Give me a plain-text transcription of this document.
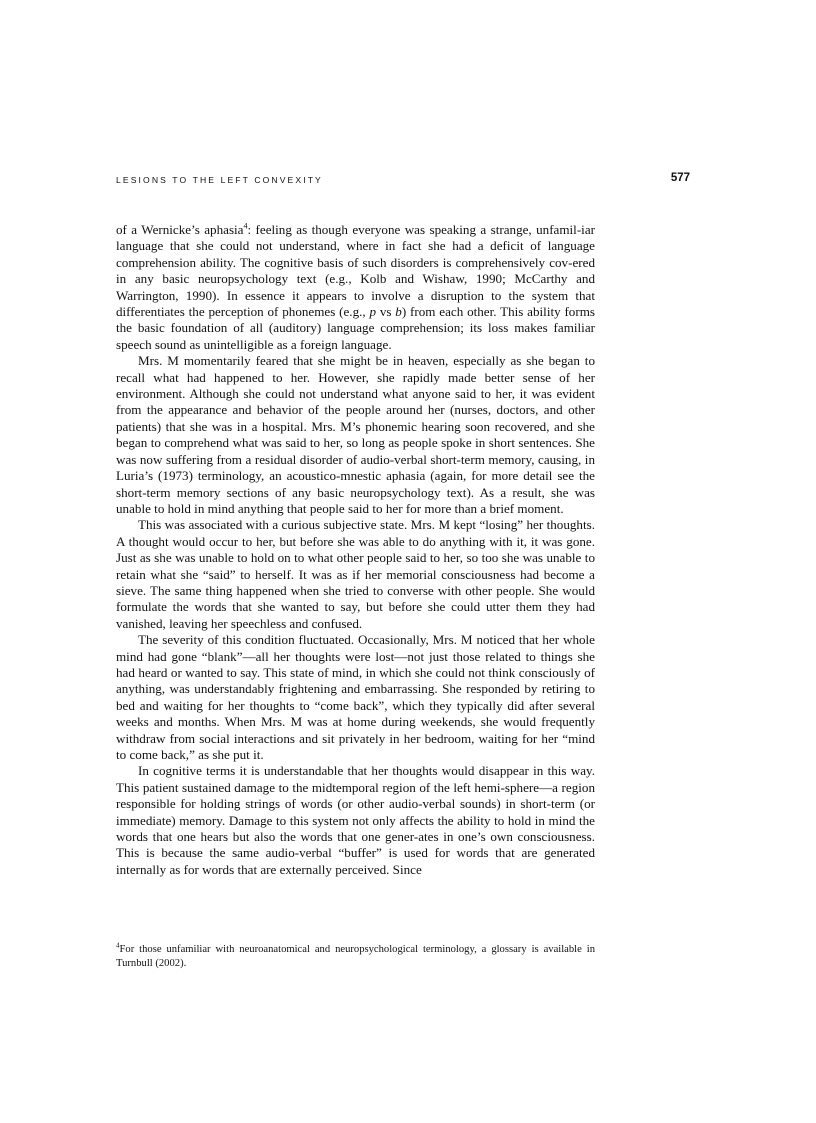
LESIONS TO THE LEFT CONVEXITY	577

of a Wernicke’s aphasia$^4$: feeling as though everyone was speaking a strange, unfamil-iar language that she could not understand, where in fact she had a deficit of language comprehension ability. The cognitive basis of such disorders is comprehensively cov-ered in any basic neuropsychology text (e.g., Kolb and Wishaw, 1990; McCarthy and Warrington, 1990). In essence it appears to involve a disruption to the system that differentiates the perception of phonemes (e.g., p vs b) from each other. This ability forms the basic foundation of all (auditory) language comprehension; its loss makes familiar speech sound as unintelligible as a foreign language.

Mrs. M momentarily feared that she might be in heaven, especially as she began to recall what had happened to her. However, she rapidly made better sense of her environment. Although she could not understand what anyone said to her, it was evident from the appearance and behavior of the people around her (nurses, doctors, and other patients) that she was in a hospital. Mrs. M’s phonemic hearing soon recovered, and she began to comprehend what was said to her, so long as people spoke in short sentences. She was now suffering from a residual disorder of audio-verbal short-term memory, causing, in Luria’s (1973) terminology, an acoustico-mnestic aphasia (again, for more detail see the short-term memory sections of any basic neuropsychology text). As a result, she was unable to hold in mind anything that people said to her for more than a brief moment.

This was associated with a curious subjective state. Mrs. M kept “losing” her thoughts. A thought would occur to her, but before she was able to do anything with it, it was gone. Just as she was unable to hold on to what other people said to her, so too she was unable to retain what she “said” to herself. It was as if her memorial consciousness had become a sieve. The same thing happened when she tried to converse with other people. She would formulate the words that she wanted to say, but before she could utter them they had vanished, leaving her speechless and confused.

The severity of this condition fluctuated. Occasionally, Mrs. M noticed that her whole mind had gone “blank”—all her thoughts were lost—not just those related to things she had heard or wanted to say. This state of mind, in which she could not think consciously of anything, was understandably frightening and embarrassing. She responded by retiring to bed and waiting for her thoughts to “come back”, which they typically did after several weeks and months. When Mrs. M was at home during weekends, she would frequently withdraw from social interactions and sit privately in her bedroom, waiting for her “mind to come back,” as she put it.

In cognitive terms it is understandable that her thoughts would disappear in this way. This patient sustained damage to the midtemporal region of the left hemi-sphere—a region responsible for holding strings of words (or other audio-verbal sounds) in short-term (or immediate) memory. Damage to this system not only affects the ability to hold in mind the words that one hears but also the words that one gener-ates in one’s own consciousness. This is because the same audio-verbal “buffer” is used for words that are generated internally as for words that are externally perceived. Since

$^4$For those unfamiliar with neuroanatomical and neuropsychological terminology, a glossary is available in Turnbull (2002).
